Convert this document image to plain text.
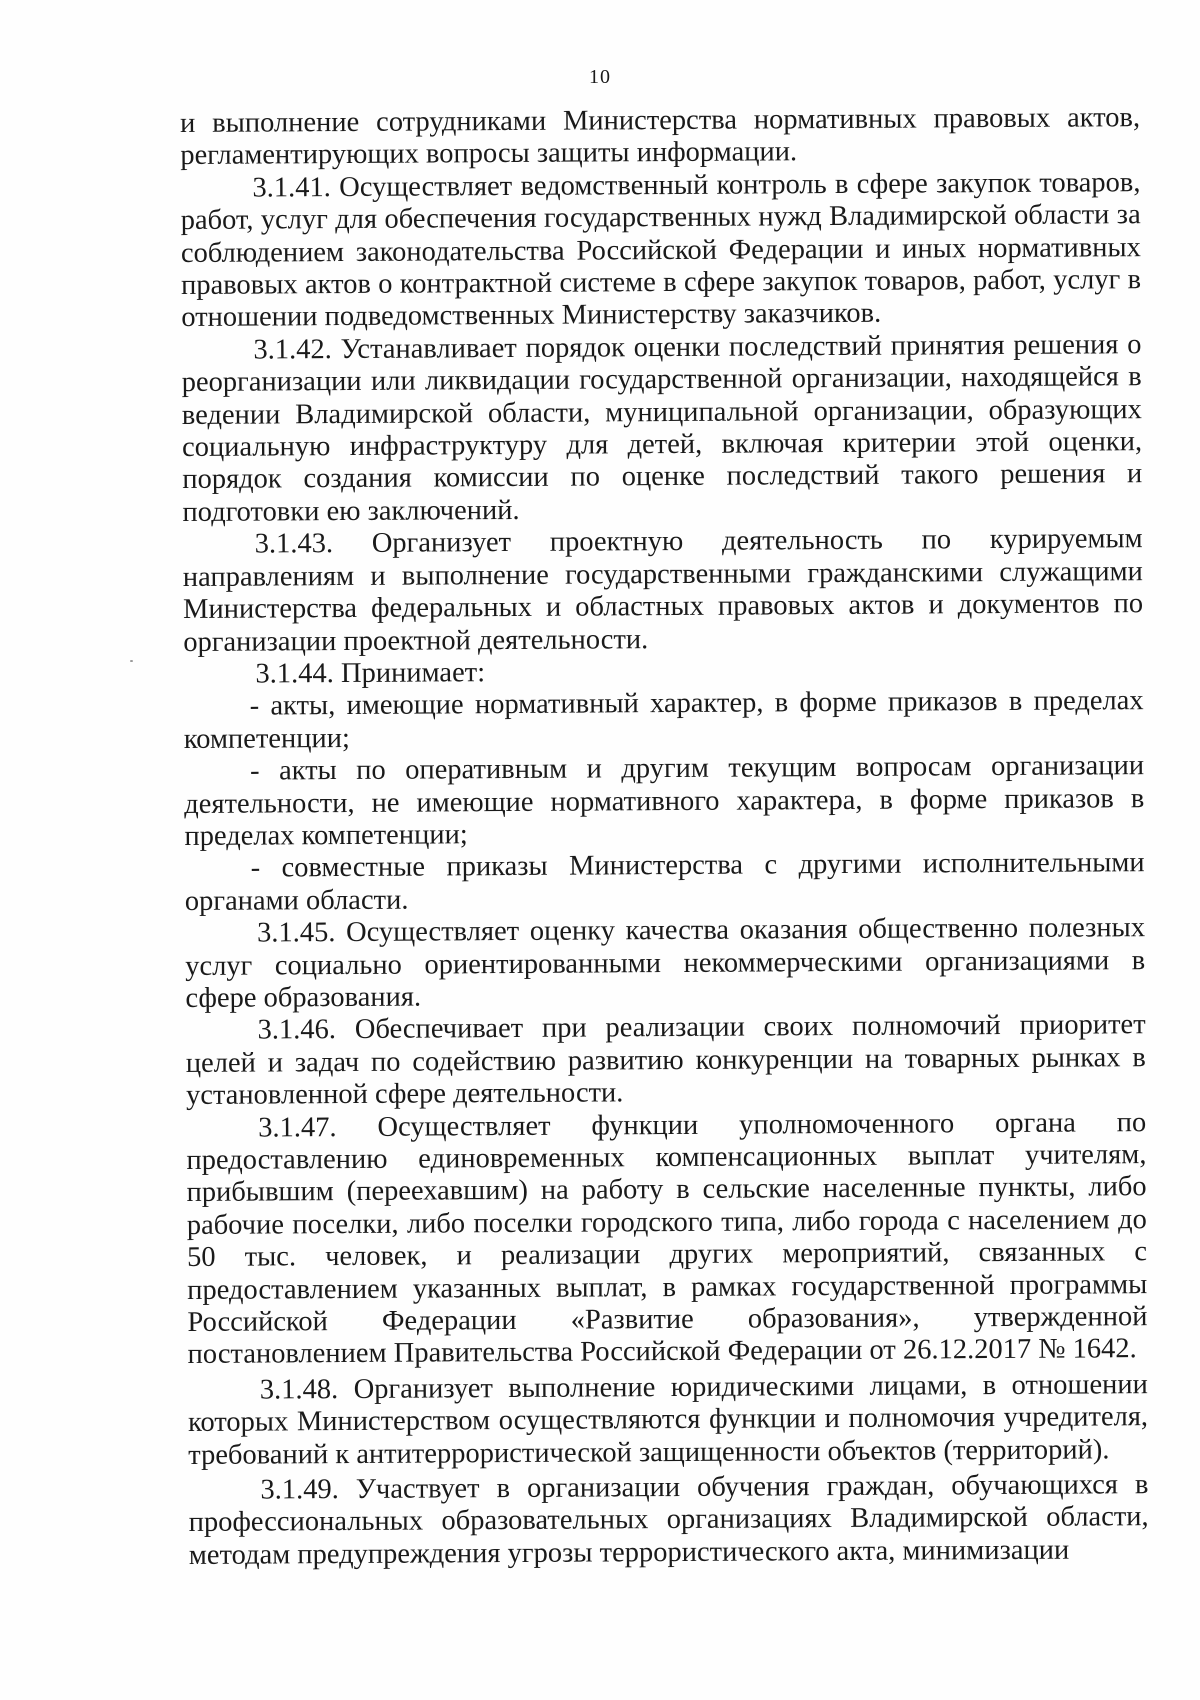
10

и выполнение сотрудниками Министерства нормативных правовых актов, регламентирующих вопросы защиты информации.

3.1.41. Осуществляет ведомственный контроль в сфере закупок товаров, работ, услуг для обеспечения государственных нужд Владимирской области за соблюдением законодательства Российской Федерации и иных нормативных правовых актов о контрактной системе в сфере закупок товаров, работ, услуг в отношении подведомственных Министерству заказчиков.

3.1.42. Устанавливает порядок оценки последствий принятия решения о реорганизации или ликвидации государственной организации, находящейся в ведении Владимирской области, муниципальной организации, образующих социальную инфраструктуру для детей, включая критерии этой оценки, порядок создания комиссии по оценке последствий такого решения и подготовки ею заключений.

3.1.43. Организует проектную деятельность по курируемым направлениям и выполнение государственными гражданскими служащими Министерства федеральных и областных правовых актов и документов по организации проектной деятельности.

3.1.44. Принимает:

- акты, имеющие нормативный характер, в форме приказов в пределах компетенции;

- акты по оперативным и другим текущим вопросам организации деятельности, не имеющие нормативного характера, в форме приказов в пределах компетенции;

- совместные приказы Министерства с другими исполнительными органами области.

3.1.45. Осуществляет оценку качества оказания общественно полезных услуг социально ориентированными некоммерческими организациями в сфере образования.

3.1.46. Обеспечивает при реализации своих полномочий приоритет целей и задач по содействию развитию конкуренции на товарных рынках в установленной сфере деятельности.

3.1.47. Осуществляет функции уполномоченного органа по предоставлению единовременных компенсационных выплат учителям, прибывшим (переехавшим) на работу в сельские населенные пункты, либо рабочие поселки, либо поселки городского типа, либо города с населением до 50 тыс. человек, и реализации других мероприятий, связанных с предоставлением указанных выплат, в рамках государственной программы Российской Федерации «Развитие образования», утвержденной постановлением Правительства Российской Федерации от 26.12.2017 № 1642.

3.1.48. Организует выполнение юридическими лицами, в отношении которых Министерством осуществляются функции и полномочия учредителя, требований к антитеррористической защищенности объектов (территорий).

3.1.49. Участвует в организации обучения граждан, обучающихся в профессиональных образовательных организациях Владимирской области, методам предупреждения угрозы террористического акта, минимизации
